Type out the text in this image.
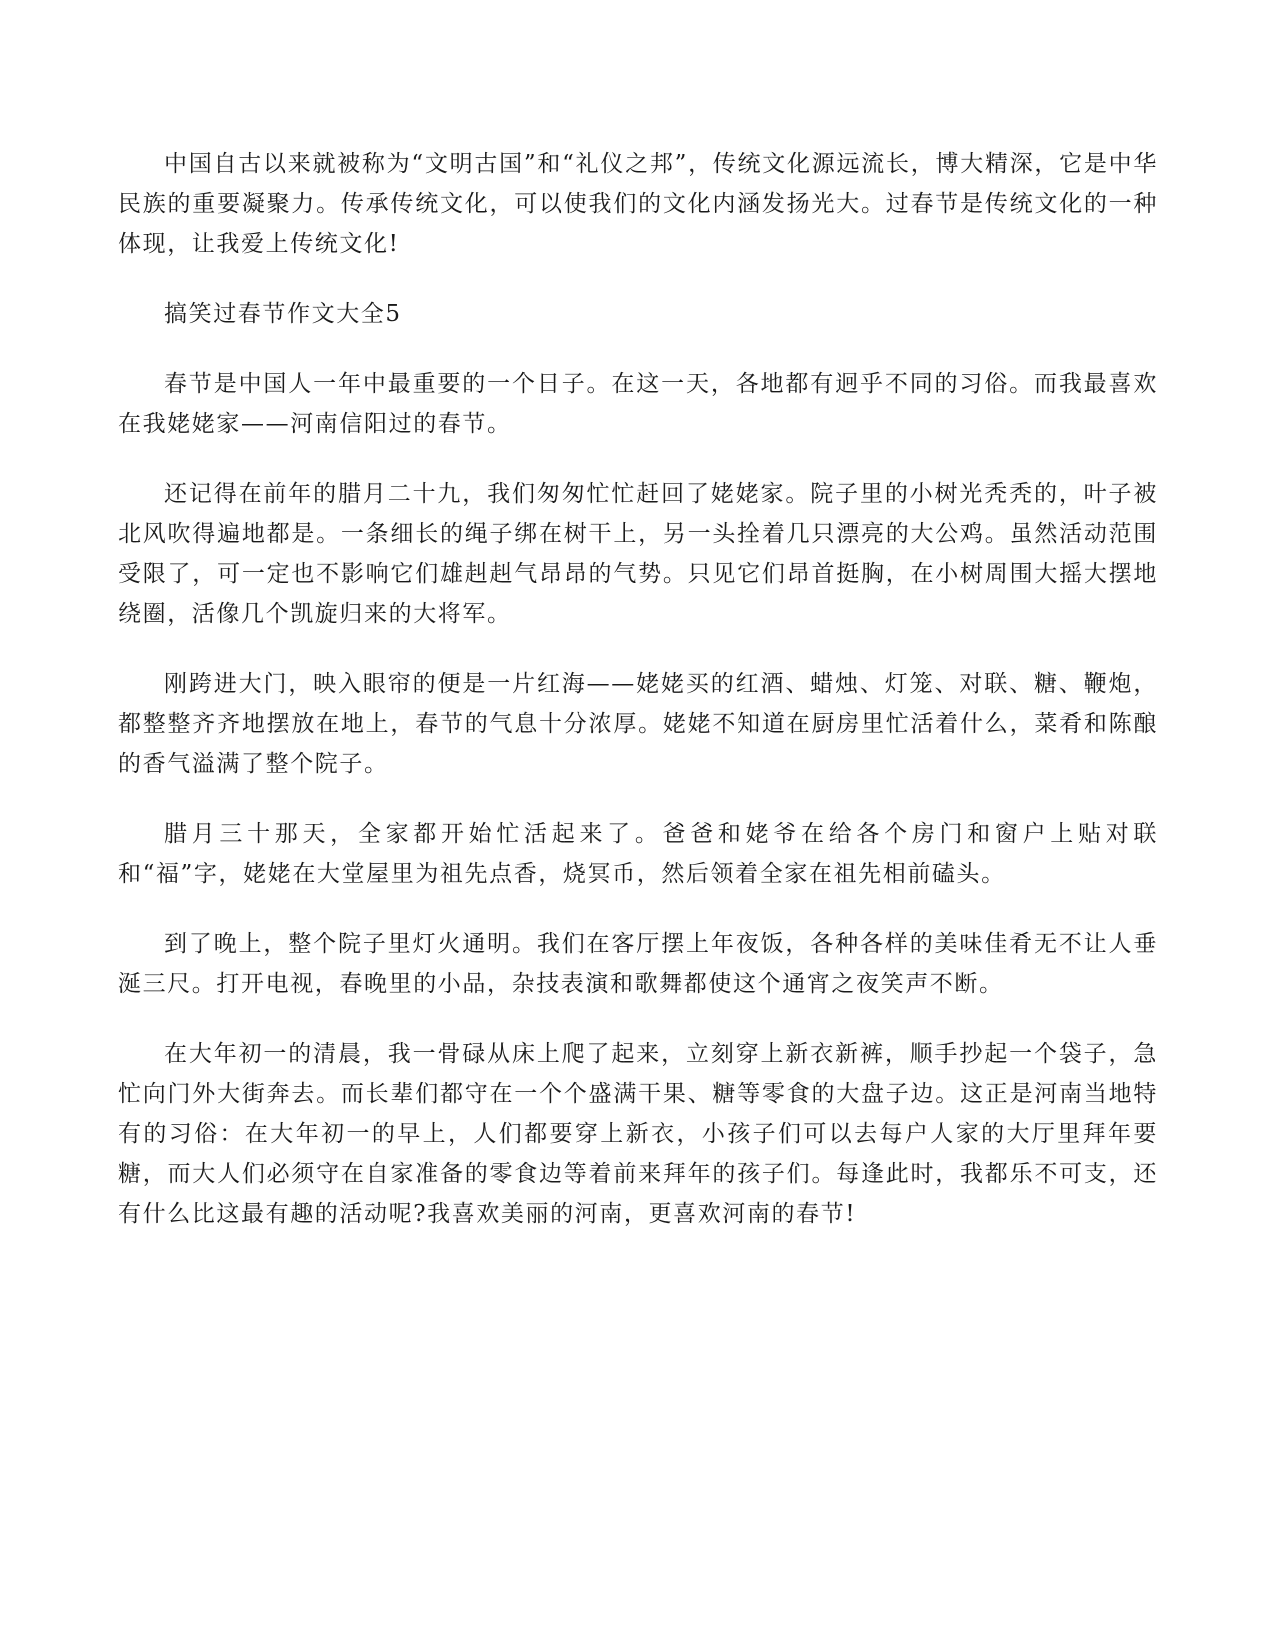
中国自古以来就被称为“文明古国”和“礼仪之邦”，传统文化源远流长，博大精深，它是中华民族的重要凝聚力。传承传统文化，可以使我们的文化内涵发扬光大。过春节是传统文化的一种体现，让我爱上传统文化!

搞笑过春节作文大全5

春节是中国人一年中最重要的一个日子。在这一天，各地都有迥乎不同的习俗。而我最喜欢在我姥姥家——河南信阳过的春节。

还记得在前年的腊月二十九，我们匆匆忙忙赶回了姥姥家。院子里的小树光秃秃的，叶子被北风吹得遍地都是。一条细长的绳子绑在树干上，另一头拴着几只漂亮的大公鸡。虽然活动范围受限了，可一定也不影响它们雄赳赳气昂昂的气势。只见它们昂首挺胸，在小树周围大摇大摆地绕圈，活像几个凯旋归来的大将军。

刚跨进大门，映入眼帘的便是一片红海——姥姥买的红酒、蜡烛、灯笼、对联、糖、鞭炮，都整整齐齐地摆放在地上，春节的气息十分浓厚。姥姥不知道在厨房里忙活着什么，菜肴和陈酿的香气溢满了整个院子。

腊月三十那天，全家都开始忙活起来了。爸爸和姥爷在给各个房门和窗户上贴对联和“福”字，姥姥在大堂屋里为祖先点香，烧冥币，然后领着全家在祖先相前磕头。

到了晚上，整个院子里灯火通明。我们在客厅摆上年夜饭，各种各样的美味佳肴无不让人垂涎三尺。打开电视，春晚里的小品，杂技表演和歌舞都使这个通宵之夜笑声不断。

在大年初一的清晨，我一骨碌从床上爬了起来，立刻穿上新衣新裤，顺手抄起一个袋子，急忙向门外大街奔去。而长辈们都守在一个个盛满干果、糖等零食的大盘子边。这正是河南当地特有的习俗：在大年初一的早上，人们都要穿上新衣，小孩子们可以去每户人家的大厅里拜年要糖，而大人们必须守在自家准备的零食边等着前来拜年的孩子们。每逢此时，我都乐不可支，还有什么比这最有趣的活动呢?我喜欢美丽的河南，更喜欢河南的春节!
